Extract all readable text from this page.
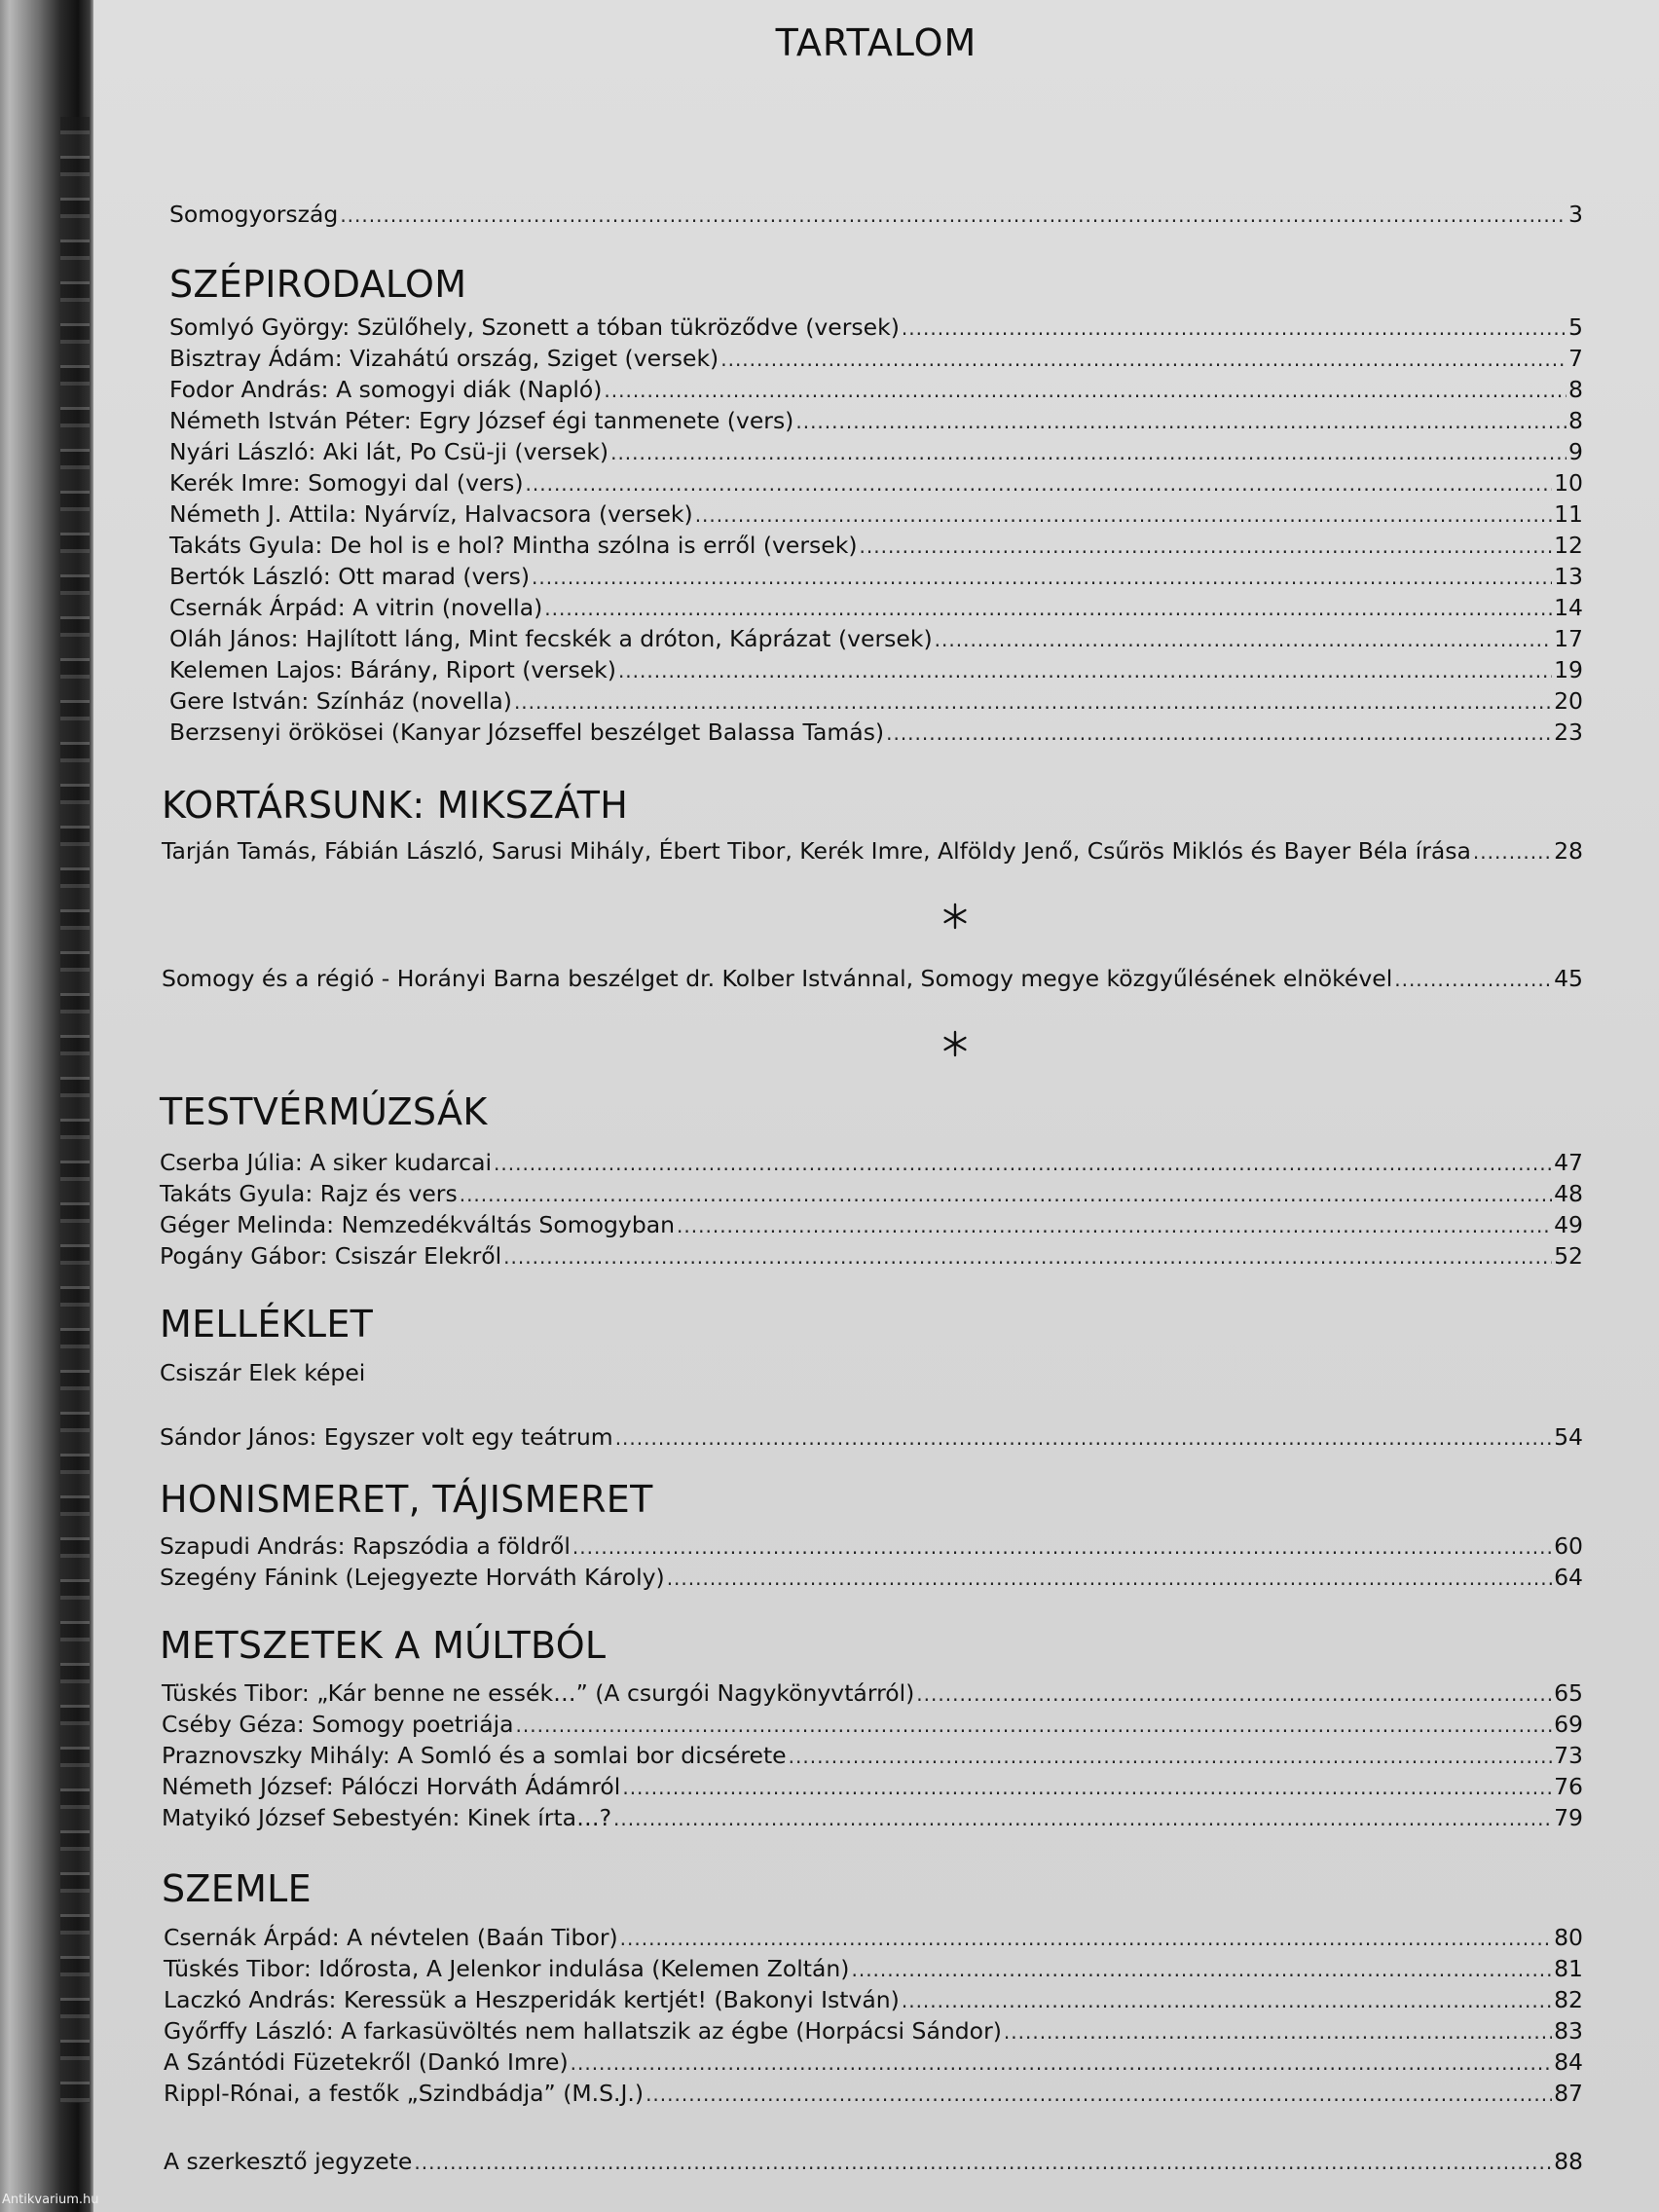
TARTALOM
Somogyország .....	3
SZÉPIRODALOM
Somlyó György: Szülőhely, Szonett a tóban tükröződve (versek) .....	5
Bisztray Ádám: Vizahátú ország, Sziget (versek) .....	7
Fodor András: A somogyi diák (Napló) .....	8
Németh István Péter: Egry József égi tanmenete (vers) .....	8
Nyári László: Aki lát, Po Csü-ji (versek) .....	9
Kerék Imre: Somogyi dal (vers) .....	10
Németh J. Attila: Nyárvíz, Halvacsora (versek) .....	11
Takáts Gyula: De hol is e hol? Mintha szólna is erről (versek) .....	12
Bertók László: Ott marad (vers) .....	13
Csernák Árpád: A vitrin (novella) .....	14
Oláh János: Hajlított láng, Mint fecskék a dróton, Káprázat (versek) .....	17
Kelemen Lajos: Bárány, Riport (versek) .....	19
Gere István: Színház (novella) .....	20
Berzsenyi örökösei (Kanyar Józseffel beszélget Balassa Tamás) .....	23
KORTÁRSUNK: MIKSZÁTH
Tarján Tamás, Fábián László, Sarusi Mihály, Ébert Tibor, Kerék Imre, Alföldy Jenő, Csűrös Miklós és Bayer Béla írása .....	28
Somogy és a régió - Horányi Barna beszélget dr. Kolber Istvánnal, Somogy megye közgyűlésének elnökével .....	45
TESTVÉRMÚZSÁK
Cserba Júlia: A siker kudarcai .....	47
Takáts Gyula: Rajz és vers .....	48
Géger Melinda: Nemzedékváltás Somogyban .....	49
Pogány Gábor: Csiszár Elekről .....	52
MELLÉKLET
Csiszár Elek képei
Sándor János: Egyszer volt egy teátrum .....	54
HONISMERET, TÁJISMERET
Szapudi András: Rapszódia a földről .....	60
Szegény Fánink (Lejegyezte Horváth Károly) .....	64
METSZETEK A MÚLTBÓL
Tüskés Tibor: „Kár benne ne essék…” (A csurgói Nagykönyvtárról) .....	65
Cséby Géza: Somogy poetriája .....	69
Praznovszky Mihály: A Somló és a somlai bor dicsérete .....	73
Németh József: Pálóczi Horváth Ádámról .....	76
Matyikó József Sebestyén: Kinek írta…? .....	79
SZEMLE
Csernák Árpád: A névtelen (Baán Tibor) .....	80
Tüskés Tibor: Időrosta, A Jelenkor indulása (Kelemen Zoltán) .....	81
Laczkó András: Keressük a Heszperidák kertjét! (Bakonyi István) .....	82
Győrffy László: A farkasüvöltés nem hallatszik az égbe (Horpácsi Sándor) .....	83
A Szántódi Füzetekről (Dankó Imre) .....	84
Rippl-Rónai, a festők „Szindbádja” (M.S.J.) .....	87
A szerkesztő jegyzete .....	88
Antikvarium.hu
